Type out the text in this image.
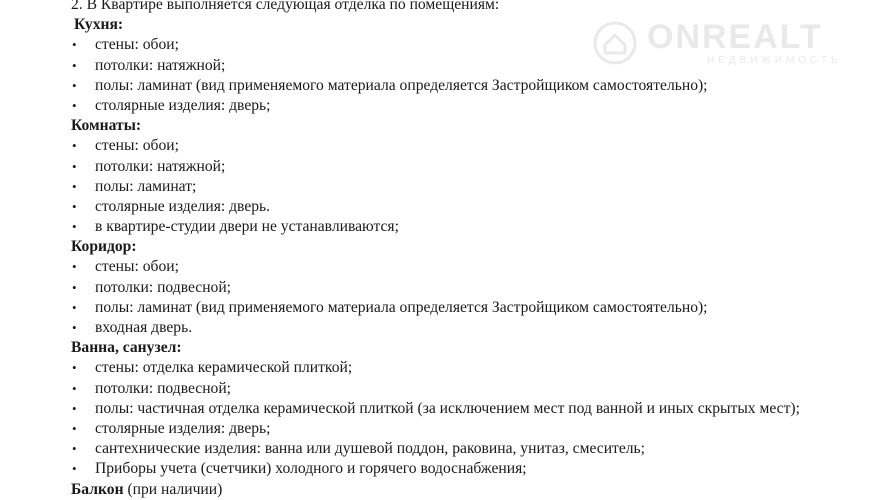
2. В Квартире выполняется следующая отделка по помещениям:
Кухня:
• стены: обои;
• потолки: натяжной;
• полы: ламинат (вид применяемого материала определяется Застройщиком самостоятельно);
• столярные изделия: дверь;
Комнаты:
• стены: обои;
• потолки: натяжной;
• полы: ламинат;
• столярные изделия: дверь.
• в квартире-студии двери не устанавливаются;
Коридор:
• стены: обои;
• потолки: подвесной;
• полы: ламинат (вид применяемого материала определяется Застройщиком самостоятельно);
• входная дверь.
Ванна, санузел:
• стены: отделка керамической плиткой;
• потолки: подвесной;
• полы: частичная отделка керамической плиткой (за исключением мест под ванной и иных скрытых мест);
• столярные изделия: дверь;
• сантехнические изделия: ванна или душевой поддон, раковина, унитаз, смеситель;
• Приборы учета (счетчики) холодного и горячего водоснабжения;
Балкон (при наличии)
ONREALT
НЕДВИЖИМОСТЬ
